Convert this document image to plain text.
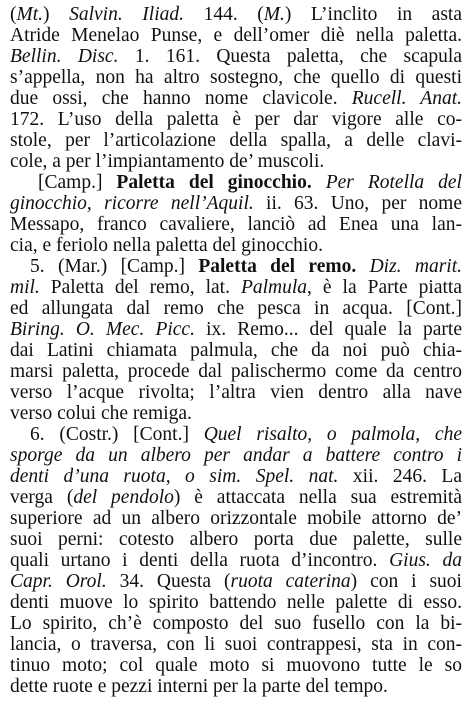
(Mt.) Salvin. Iliad. 144. (M.) L’inclito in asta
Atride Menelao Punse, e dell’omer diè nella paletta.
Bellin. Disc. 1. 161. Questa paletta, che scapula
s’appella, non ha altro sostegno, che quello di questi
due ossi, che hanno nome clavicole. Rucell. Anat.
172. L’uso della paletta è per dar vigore alle co-
stole, per l’articolazione della spalla, a delle clavi-
cole, a per l’impiantamento de’ muscoli.
[Camp.] Paletta del ginocchio. Per Rotella del
ginocchio, ricorre nell’Aquil. ii. 63. Uno, per nome
Messapo, franco cavaliere, lanciò ad Enea una lan-
cia, e feriolo nella paletta del ginocchio.
5. (Mar.) [Camp.] Paletta del remo. Diz. marit.
mil. Paletta del remo, lat. Palmula, è la Parte piatta
ed allungata dal remo che pesca in acqua. [Cont.]
Biring. O. Mec. Picc. ix. Remo... del quale la parte
dai Latini chiamata palmula, che da noi può chia-
marsi paletta, procede dal palischermo come da centro
verso l’acque rivolta; l’altra vien dentro alla nave
verso colui che remiga.
6. (Costr.) [Cont.] Quel risalto, o palmola, che
sporge da un albero per andar a battere contro i
denti d’una ruota, o sim. Spel. nat. xii. 246. La
verga (del pendolo) è attaccata nella sua estremità
superiore ad un albero orizzontale mobile attorno de’
suoi perni: cotesto albero porta due palette, sulle
quali urtano i denti della ruota d’incontro. Gius. da
Capr. Orol. 34. Questa (ruota caterina) con i suoi
denti muove lo spirito battendo nelle palette di esso.
Lo spirito, ch’è composto del suo fusello con la bi-
lancia, o traversa, con li suoi contrappesi, sta in con-
tinuo moto; col quale moto si muovono tutte le so
dette ruote e pezzi interni per la parte del tempo.
